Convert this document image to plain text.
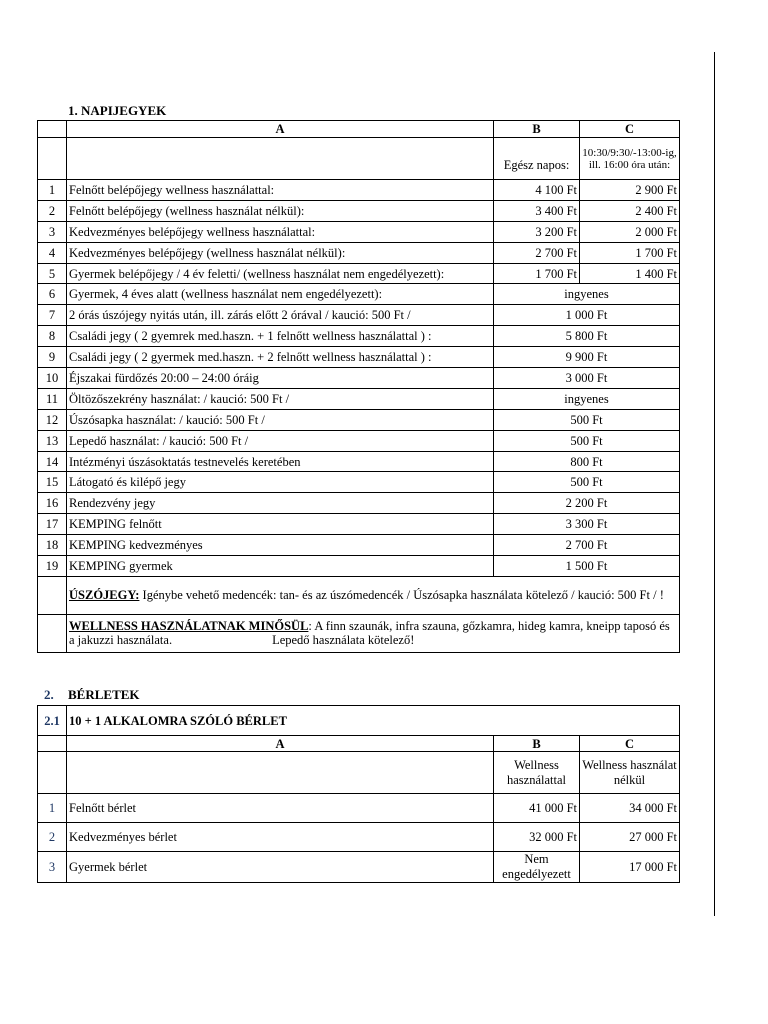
1. NAPIJEGYEK
	A	B	C
		Egész napos:	10:30/9:30/-13:00-ig, ill. 16:00 óra után:
1	Felnőtt belépőjegy wellness használattal:	4 100 Ft	2 900 Ft
2	Felnőtt belépőjegy (wellness használat nélkül):	3 400 Ft	2 400 Ft
3	Kedvezményes belépőjegy wellness használattal:	3 200 Ft	2 000 Ft
4	Kedvezményes belépőjegy (wellness használat nélkül):	2 700 Ft	1 700 Ft
5	Gyermek belépőjegy / 4 év feletti/ (wellness használat nem engedélyezett):	1 700 Ft	1 400 Ft
6	Gyermek, 4 éves alatt (wellness használat nem engedélyezett):	ingyenes	
7	2 órás úszójegy nyitás után, ill. zárás előtt 2 órával / kaució: 500 Ft /	1 000 Ft	
8	Családi jegy ( 2 gyemrek med.haszn. + 1 felnőtt wellness használattal ) :	5 800 Ft	
9	Családi jegy ( 2 gyermek med.haszn. + 2 felnőtt wellness használattal ) :	9 900 Ft	
10	Éjszakai fürdőzés 20:00 – 24:00 óráig	3 000 Ft	
11	Öltözőszekrény használat: / kaució: 500 Ft /	ingyenes	
12	Úszósapka használat: / kaució: 500 Ft /	500 Ft	
13	Lepedő használat: / kaució: 500 Ft /	500 Ft	
14	Intézményi úszásoktatás testnevelés keretében	800 Ft	
15	Látogató és kilépő jegy	500 Ft	
16	Rendezvény jegy	2 200 Ft	
17	KEMPING felnőtt	3 300 Ft	
18	KEMPING kedvezményes	2 700 Ft	
19	KEMPING gyermek	1 500 Ft	
	ÚSZÓJEGY: Igénybe vehető medencék: tan- és az úszómedencék / Úszósapka használata kötelező / kaució: 500 Ft / !		
	WELLNESS HASZNÁLATNAK MINŐSÜL: A finn szaunák, infra szauna, gőzkamra, hideg kamra, kneipp taposó és a jakuzzi használata. Lepedő használata kötelező!		
2. BÉRLETEK
2.1	10 + 1 ALKALOMRA SZÓLÓ BÉRLET		
	A	B	C
		Wellness használattal	Wellness használat nélkül
1	Felnőtt bérlet	41 000 Ft	34 000 Ft
2	Kedvezményes bérlet	32 000 Ft	27 000 Ft
3	Gyermek bérlet	Nem engedélyezett	17 000 Ft
